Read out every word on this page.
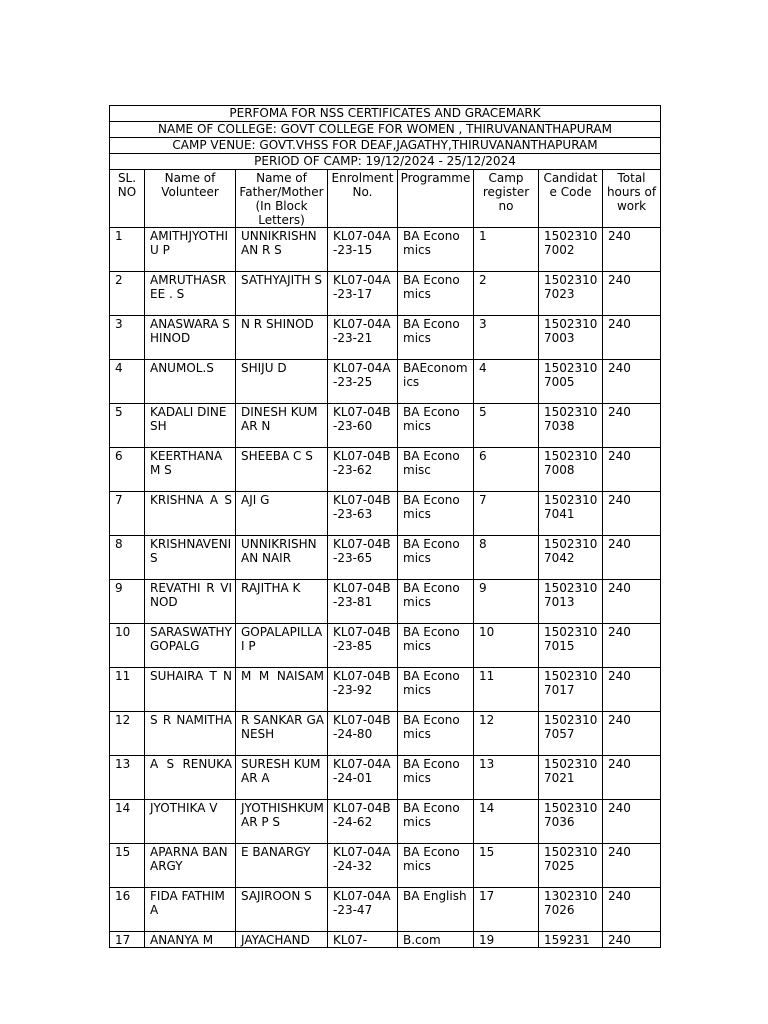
PERFOMA FOR NSS CERTIFICATES AND GRACEMARK							
NAME OF COLLEGE: GOVT COLLEGE FOR WOMEN , THIRUVANANTHAPURAM							
CAMP VENUE: GOVT.VHSS FOR DEAF,JAGATHY,THIRUVANANTHAPURAM							
PERIOD OF CAMP: 19/12/2024 - 25/12/2024							
SL. NO	Name of Volunteer	Name of Father/Mother (In Block Letters)	Enrolment No.	Programme	Camp register no	Candidate Code	Total hours of work
1	AMITHJYOTHI U P	UNNIKRISHNAN R S	KL07-04A-23-15	BA Economics	1	15023107002	240
2	AMRUTHASREE . S	SATHYAJITH S	KL07-04A-23-17	BA Economics	2	15023107023	240
3	ANASWARA SHINOD	N R SHINOD	KL07-04A-23-21	BA Economics	3	15023107003	240
4	ANUMOL.S	SHIJU D	KL07-04A-23-25	BAEconomics	4	15023107005	240
5	KADALI DINESH	DINESH KUMAR N	KL07-04B-23-60	BA Economics	5	15023107038	240
6	KEERTHANA M S	SHEEBA C S	KL07-04B-23-62	BA Economisc	6	15023107008	240
7	KRISHNA A S	AJI G	KL07-04B-23-63	BA Economics	7	15023107041	240
8	KRISHNAVENI S	UNNIKRISHNAN NAIR	KL07-04B-23-65	BA Economics	8	15023107042	240
9	REVATHI R VINOD	RAJITHA K	KL07-04B-23-81	BA Economics	9	15023107013	240
10	SARASWATHY GOPALG	GOPALAPILLAI P	KL07-04B-23-85	BA Economics	10	15023107015	240
11	SUHAIRA T N	M M NAISAM	KL07-04B-23-92	BA Economics	11	15023107017	240
12	S R NAMITHA	R SANKAR GANESH	KL07-04B-24-80	BA Economics	12	15023107057	240
13	A S RENUKA	SURESH KUMAR A	KL07-04A-24-01	BA Economics	13	15023107021	240
14	JYOTHIKA V	JYOTHISHKUMAR P S	KL07-04B-24-62	BA Economics	14	15023107036	240
15	APARNA BANARGY	E BANARGY	KL07-04A-24-32	BA Economics	15	15023107025	240
16	FIDA FATHIMA	SAJIROON S	KL07-04A-23-47	BA English	17	13023107026	240
17	ANANYA M	JAYACHAND	KL07-	B.com	19	159231	240
